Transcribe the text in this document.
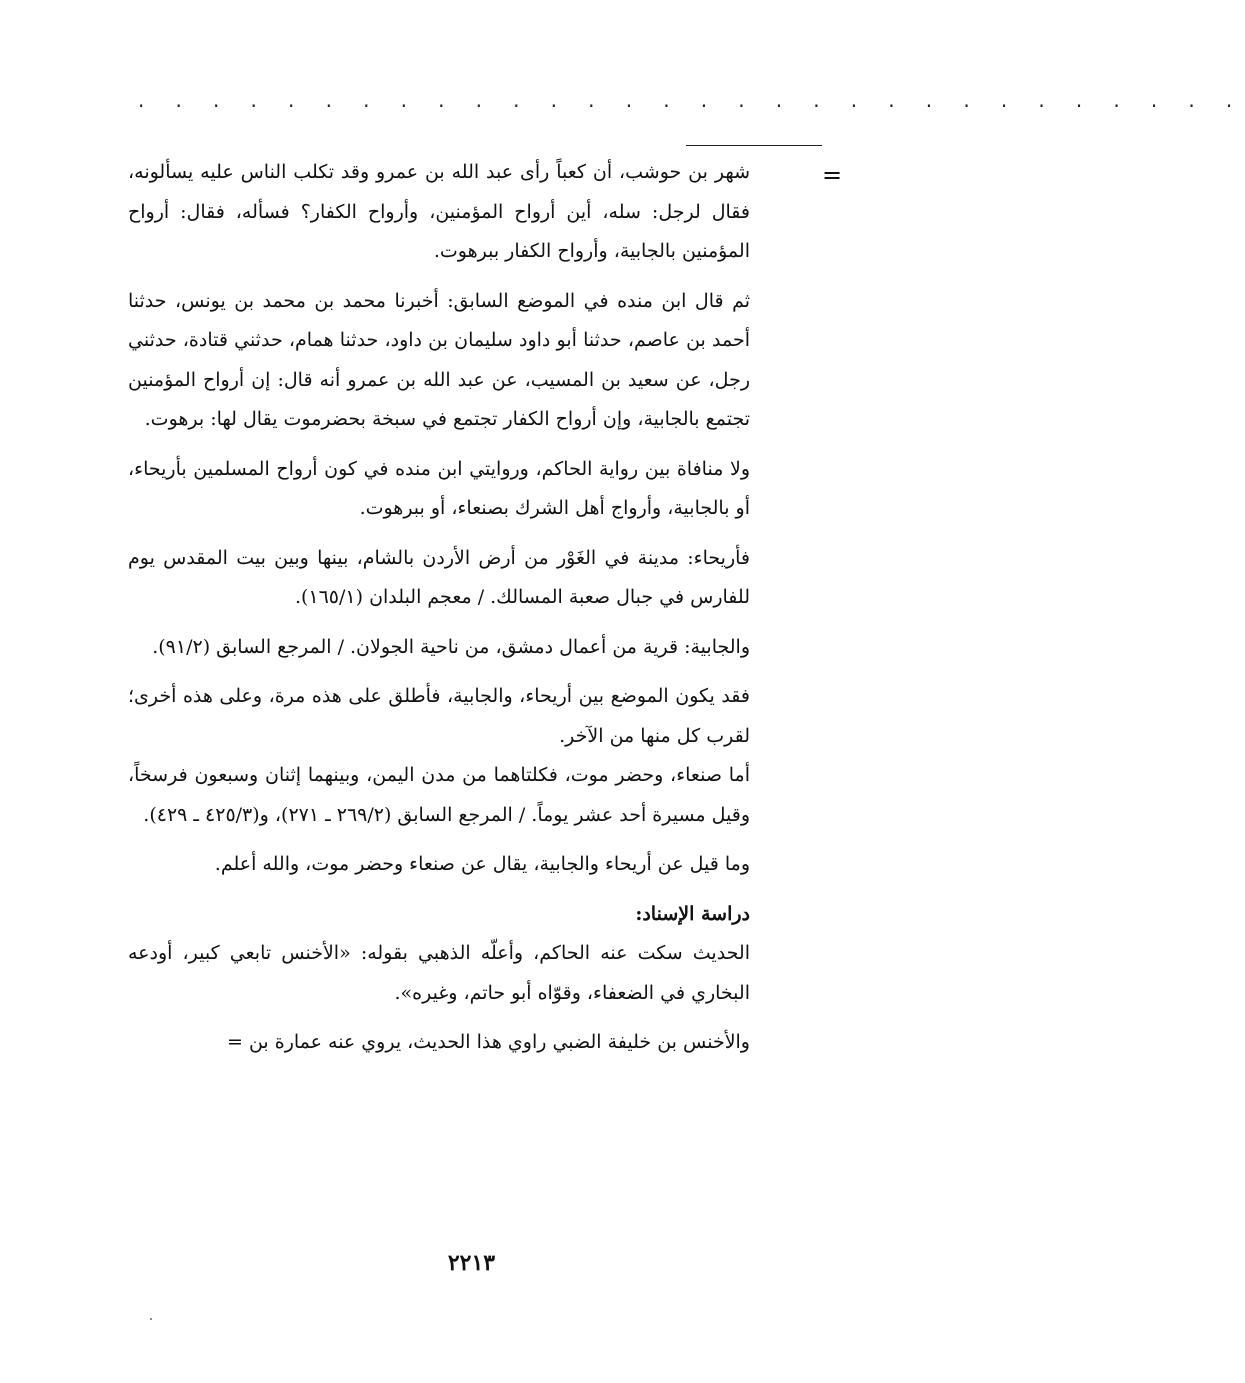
. . . . . . . . . . . . . . . . . . . . . . . . . . . . . .
=

شهر بن حوشب، أن كعباً رأى عبد الله بن عمرو وقد تكلب الناس عليه يسألونه، فقال لرجل: سله، أين أرواح المؤمنين، وأرواح الكفار؟ فسأله، فقال: أرواح المؤمنين بالجابية، وأرواح الكفار ببرهوت.

ثم قال ابن منده في الموضع السابق: أخبرنا محمد بن محمد بن يونس، حدثنا أحمد بن عاصم، حدثنا أبو داود سليمان بن داود، حدثنا همام، حدثني قتادة، حدثني رجل، عن سعيد بن المسيب، عن عبد الله بن عمرو أنه قال: إن أرواح المؤمنين تجتمع بالجابية، وإن أرواح الكفار تجتمع في سبخة بحضرموت يقال لها: برهوت.

ولا منافاة بين رواية الحاكم، وروايتي ابن منده في كون أرواح المسلمين بأريحاء، أو بالجابية، وأرواج أهل الشرك بصنعاء، أو ببرهوت.

فأريحاء: مدينة في الغَوْر من أرض الأردن بالشام، بينها وبين بيت المقدس يوم للفارس في جبال صعبة المسالك. / معجم البلدان (١٦٥/١).

والجابية: قرية من أعمال دمشق، من ناحية الجولان. / المرجع السابق (٩١/٢).

فقد يكون الموضع بين أريحاء، والجابية، فأطلق على هذه مرة، وعلى هذه أخرى؛ لقرب كل منها من الآخر.

أما صنعاء، وحضر موت، فكلتاهما من مدن اليمن، وبينهما إثنان وسبعون فرسخاً، وقيل مسيرة أحد عشر يوماً. / المرجع السابق (٢٦٩/٢ ـ ٢٧١)، و(٤٢٥/٣ ـ ٤٢٩).

وما قيل عن أريحاء والجابية، يقال عن صنعاء وحضر موت، والله أعلم.

دراسة الإسناد:

الحديث سكت عنه الحاكم، وأعلّه الذهبي بقوله: «الأخنس تابعي كبير، أودعه البخاري في الضعفاء، وقوّاه أبو حاتم، وغيره».

والأخنس بن خليفة الضبي راوي هذا الحديث، يروي عنه عمارة بن =

٢٢١٣
